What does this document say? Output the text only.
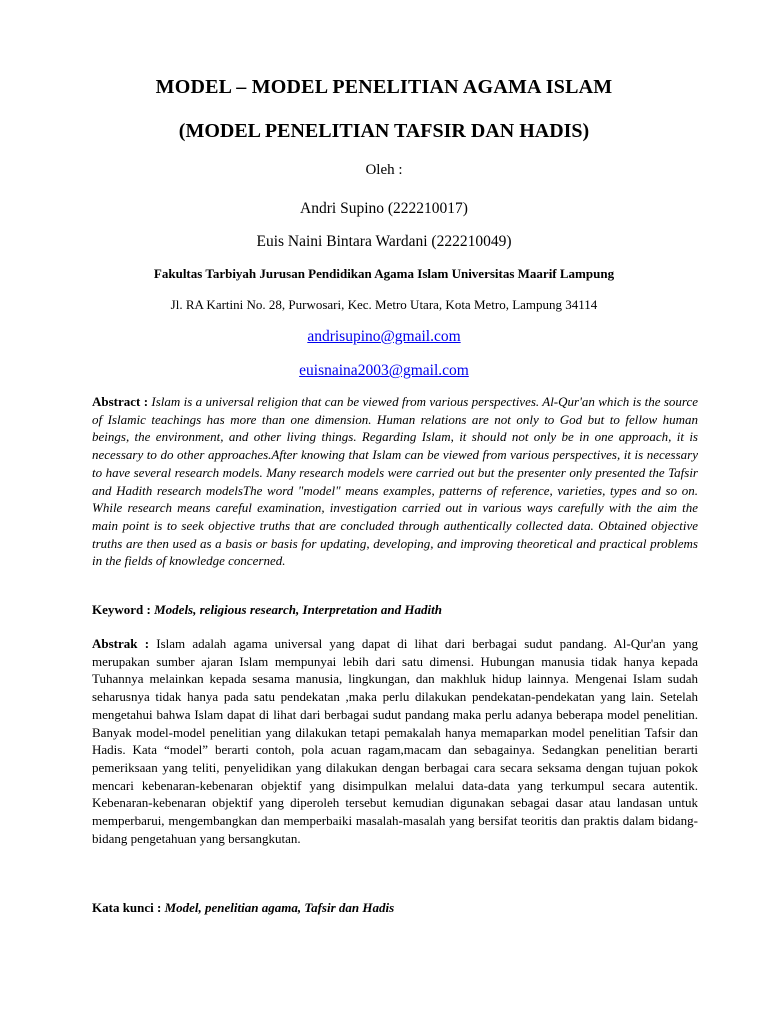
MODEL – MODEL PENELITIAN AGAMA ISLAM
(MODEL PENELITIAN TAFSIR DAN HADIS)
Oleh :
Andri Supino (222210017)
Euis Naini Bintara Wardani (222210049)
Fakultas Tarbiyah Jurusan Pendidikan Agama Islam Universitas Maarif Lampung
Jl. RA Kartini No. 28, Purwosari, Kec. Metro Utara, Kota Metro, Lampung 34114
andrisupino@gmail.com
euisnaina2003@gmail.com
Abstract : Islam is a universal religion that can be viewed from various perspectives. Al-Qur'an which is the source of Islamic teachings has more than one dimension. Human relations are not only to God but to fellow human beings, the environment, and other living things. Regarding Islam, it should not only be in one approach, it is necessary to do other approaches.After knowing that Islam can be viewed from various perspectives, it is necessary to have several research models. Many research models were carried out but the presenter only presented the Tafsir and Hadith research modelsThe word "model" means examples, patterns of reference, varieties, types and so on. While research means careful examination, investigation carried out in various ways carefully with the aim the main point is to seek objective truths that are concluded through authentically collected data. Obtained objective truths are then used as a basis or basis for updating, developing, and improving theoretical and practical problems in the fields of knowledge concerned.
Keyword : Models, religious research, Interpretation and Hadith
Abstrak : Islam adalah agama universal yang dapat di lihat dari berbagai sudut pandang. Al-Qur'an yang merupakan sumber ajaran Islam mempunyai lebih dari satu dimensi. Hubungan manusia tidak hanya kepada Tuhannya melainkan kepada sesama manusia, lingkungan, dan makhluk hidup lainnya. Mengenai Islam sudah seharusnya tidak hanya pada satu pendekatan ,maka perlu dilakukan pendekatan-pendekatan yang lain. Setelah mengetahui bahwa Islam dapat di lihat dari berbagai sudut pandang maka perlu adanya beberapa model penelitian. Banyak model-model penelitian yang dilakukan tetapi pemakalah hanya memaparkan model penelitian Tafsir dan Hadis. Kata “model” berarti contoh, pola acuan ragam,macam dan sebagainya. Sedangkan penelitian berarti pemeriksaan yang teliti, penyelidikan yang dilakukan dengan berbagai cara secara seksama dengan tujuan pokok mencari kebenaran-kebenaran objektif yang disimpulkan melalui data-data yang terkumpul secara autentik. Kebenaran-kebenaran objektif yang diperoleh tersebut kemudian digunakan sebagai dasar atau landasan untuk memperbarui, mengembangkan dan memperbaiki masalah-masalah yang bersifat teoritis dan praktis dalam bidang-bidang pengetahuan yang bersangkutan.
Kata kunci : Model, penelitian agama, Tafsir dan Hadis
